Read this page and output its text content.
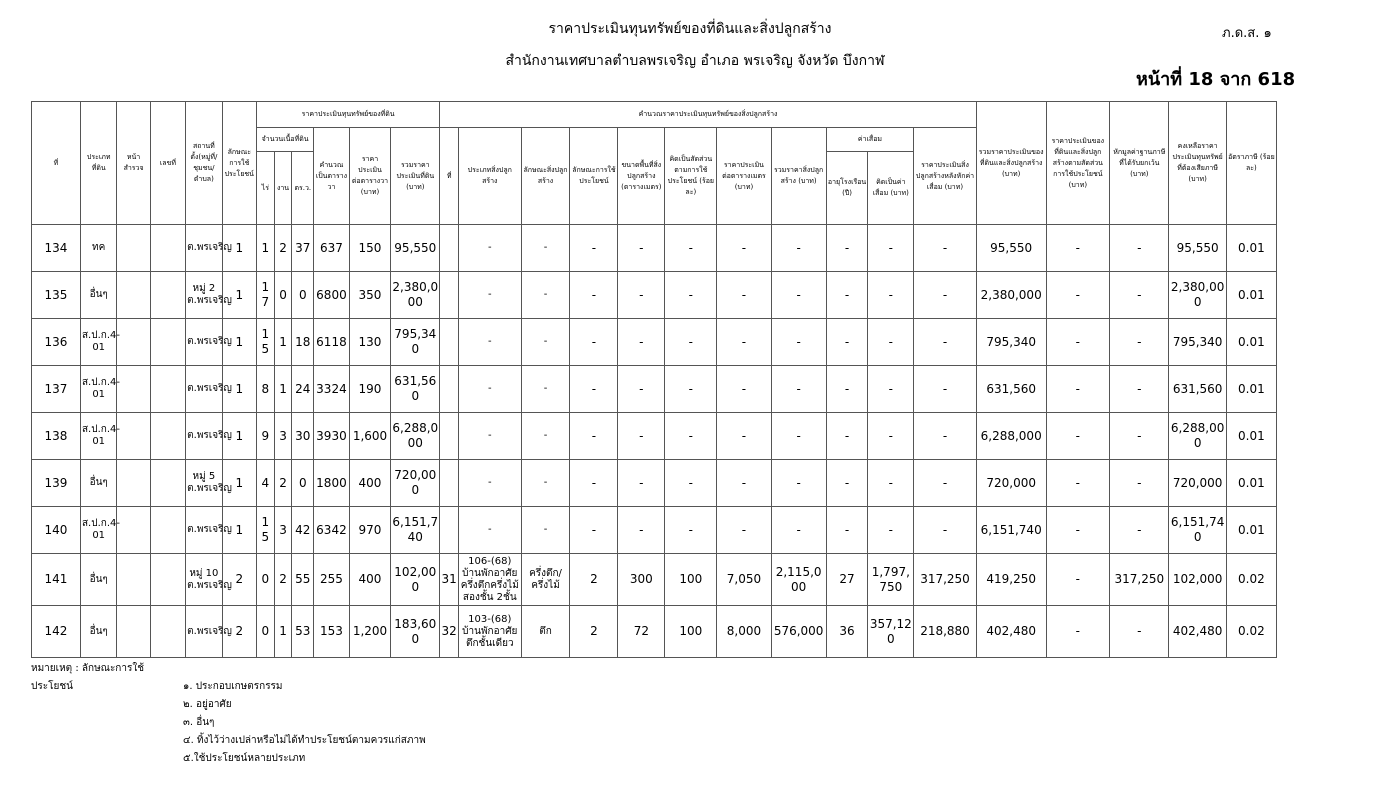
ราคาประเมินทุนทรัพย์ของที่ดินและสิ่งปลูกสร้าง
สำนักงานเทศบาลตำบลพรเจริญ อำเภอ พรเจริญ จังหวัด บึงกาฬ
ภ.ด.ส. ๑
หน้าที่ 18 จาก 618
ที่	ประเภทที่ดิน	หน้าสำรวจ	เลขที่	สถานที่ตั้ง(หมู่ที่/ชุมชน/ตำบล)	ลักษณะการใช้ประโยชน์	ราคาประเมินทุนทรัพย์ของที่ดิน						คำนวณราคาประเมินทุนทรัพย์ของสิ่งปลูกสร้าง											รวมราคาประเมินของที่ดินและสิ่งปลูกสร้าง (บาท)	ราคาประเมินของที่ดินและสิ่งปลูกสร้างตามสัดส่วนการใช้ประโยชน์ (บาท)	หักมูลค่าฐานภาษีที่ได้รับยกเว้น (บาท)	คงเหลือราคาประเมินทุนทรัพย์ที่ต้องเสียภาษี (บาท)	อัตราภาษี (ร้อยละ)
						จำนวนเนื้อที่ดิน			คำนวณเป็นตารางวา	ราคาประเมินต่อตารางวา (บาท)	รวมราคาประเมินที่ดิน (บาท)	ที่	ประเภทสิ่งปลูกสร้าง	ลักษณะสิ่งปลูกสร้าง	ลักษณะการใช้ประโยชน์	ขนาดพื้นที่สิ่งปลูกสร้าง (ตารางเมตร)	คิดเป็นสัดส่วนตามการใช้ประโยชน์ (ร้อยละ)	ราคาประเมินต่อตารางเมตร (บาท)	รวมราคาสิ่งปลูกสร้าง (บาท)	ค่าเสื่อม		ราคาประเมินสิ่งปลูกสร้างหลังหักค่าเสื่อม (บาท)					
						ไร่	งาน	ตร.ว.												อายุโรงเรือน (ปี)	คิดเป็นค่าเสื่อม (บาท)						
134	ทค			ต.พรเจริญ	1	1	2	37	637	150	95,550		-	-	-	-	-	-	-	-	-	-	95,550	-	-	95,550	0.01
135	อื่นๆ			หมู่ 2 ต.พรเจริญ	1	17	0	0	6800	350	2,380,000		-	-	-	-	-	-	-	-	-	-	2,380,000	-	-	2,380,000	0.01
136	ส.ป.ก.4-01			ต.พรเจริญ	1	15	1	18	6118	130	795,340		-	-	-	-	-	-	-	-	-	-	795,340	-	-	795,340	0.01
137	ส.ป.ก.4-01			ต.พรเจริญ	1	8	1	24	3324	190	631,560		-	-	-	-	-	-	-	-	-	-	631,560	-	-	631,560	0.01
138	ส.ป.ก.4-01			ต.พรเจริญ	1	9	3	30	3930	1,600	6,288,000		-	-	-	-	-	-	-	-	-	-	6,288,000	-	-	6,288,000	0.01
139	อื่นๆ			หมู่ 5 ต.พรเจริญ	1	4	2	0	1800	400	720,000		-	-	-	-	-	-	-	-	-	-	720,000	-	-	720,000	0.01
140	ส.ป.ก.4-01			ต.พรเจริญ	1	15	3	42	6342	970	6,151,740		-	-	-	-	-	-	-	-	-	-	6,151,740	-	-	6,151,740	0.01
141	อื่นๆ			หมู่ 10 ต.พรเจริญ	2	0	2	55	255	400	102,000	31	106-(68) บ้านพักอาศัยครึ่งตึกครึ่งไม้สองชั้น 2ชั้น	ครึ่งตึก/ครึ่งไม้	2	300	100	7,050	2,115,000	27	1,797,750	317,250	419,250	-	317,250	102,000	0.02
142	อื่นๆ			ต.พรเจริญ	2	0	1	53	153	1,200	183,600	32	103-(68) บ้านพักอาศัยตึกชั้นเดียว	ตึก	2	72	100	8,000	576,000	36	357,120	218,880	402,480	-	-	402,480	0.02
หมายเหตุ : ลักษณะการใช้ประโยชน์	๑. ประกอบเกษตรกรรม
๒. อยู่อาศัย
๓. อื่นๆ
๔. ทิ้งไว้ว่างเปล่าหรือไม่ได้ทำประโยชน์ตามควรแก่สภาพ
๕.ใช้ประโยชน์หลายประเภท
